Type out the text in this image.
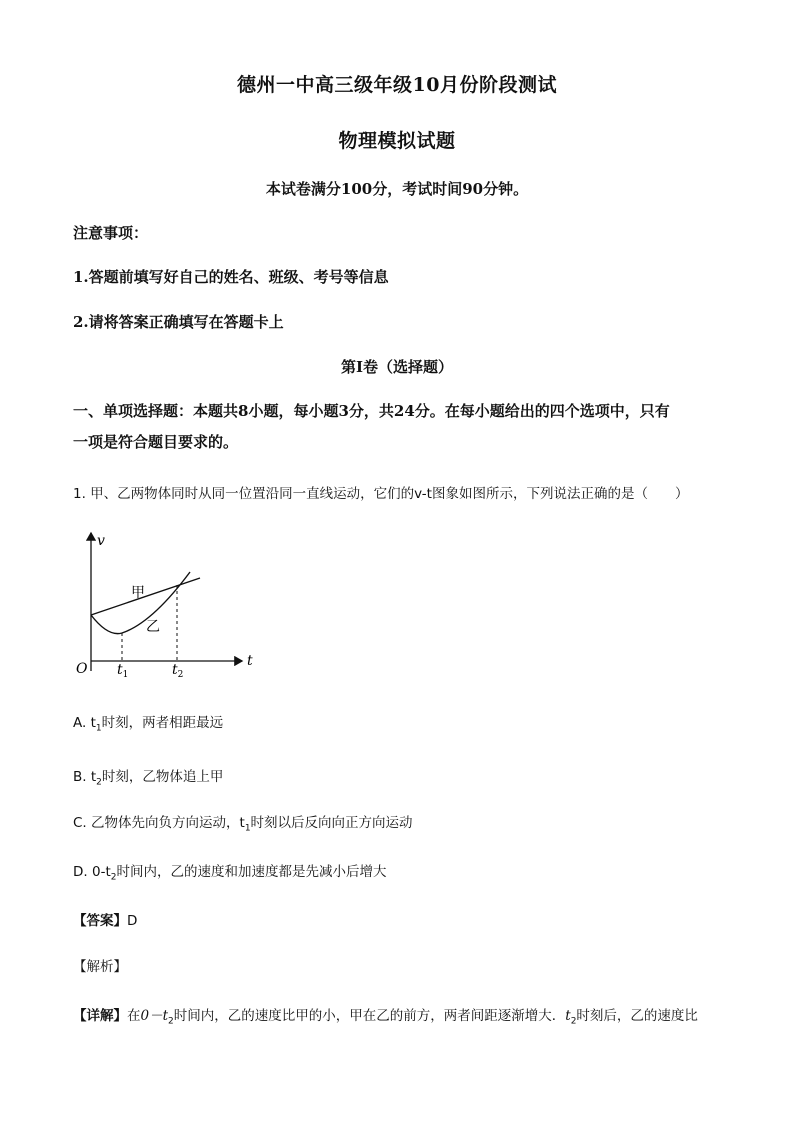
德州一中高三级年级10月份阶段测试
物理模拟试题
本试卷满分100分，考试时间90分钟。
注意事项：
1.答题前填写好自己的姓名、班级、考号等信息
2.请将答案正确填写在答题卡上
第I卷（选择题）
一、单项选择题：本题共8小题，每小题3分，共24分。在每小题给出的四个选项中，只有
一项是符合题目要求的。
1. 甲、乙两物体同时从同一位置沿同一直线运动，它们的v-t图象如图所示，下列说法正确的是（　　）
v
t
O $t_1$	$t_2$
甲
乙
A. $t_1$时刻，两者相距最远
B. $t_2$时刻，乙物体追上甲
C. 乙物体先向负方向运动，$t_1$时刻以后反向向正方向运动
D. $0-t_2$时间内，乙的速度和加速度都是先减小后增大
【答案】D
【解析】
【详解】在$0-t_2$时间内，乙的速度比甲的小，甲在乙的前方，两者间距逐渐增大．$t_2$时刻后，乙的速度比
